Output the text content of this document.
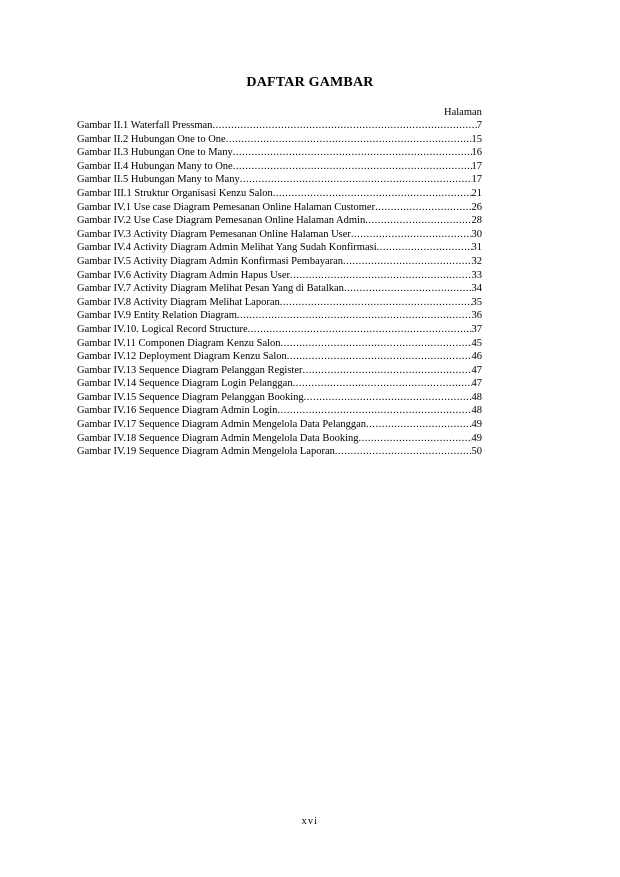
DAFTAR GAMBAR
Halaman
Gambar II.1 Waterfall Pressman .....	7
Gambar II.2 Hubungan One to One .....	15
Gambar II.3 Hubungan One to Many .....	16
Gambar II.4 Hubungan Many to One .....	17
Gambar II.5 Hubungan Many to Many .....	17
Gambar III.1 Struktur Organisasi Kenzu Salon .....	21
Gambar IV.1 Use case Diagram Pemesanan Online Halaman Customer .....	26
Gambar IV.2 Use Case Diagram Pemesanan Online Halaman Admin .....	28
Gambar IV.3 Activity Diagram Pemesanan Online Halaman User .....	30
Gambar IV.4 Activity Diagram Admin Melihat Yang Sudah Konfirmasi .....	31
Gambar IV.5 Activity Diagram Admin Konfirmasi Pembayaran .....	32
Gambar IV.6 Activity Diagram Admin Hapus User .....	33
Gambar IV.7 Activity Diagram Melihat Pesan Yang di Batalkan .....	34
Gambar IV.8 Activity Diagram Melihat Laporan .....	35
Gambar IV.9 Entity Relation Diagram .....	36
Gambar IV.10. Logical Record Structure .....	37
Gambar IV.11 Componen Diagram Kenzu Salon .....	45
Gambar IV.12 Deployment Diagram Kenzu Salon .....	46
Gambar IV.13 Sequence Diagram Pelanggan Register .....	47
Gambar IV.14 Sequence Diagram Login Pelanggan .....	47
Gambar IV.15 Sequence Diagram Pelanggan Booking .....	48
Gambar IV.16 Sequence Diagram Admin Login .....	48
Gambar IV.17 Sequence Diagram Admin Mengelola Data Pelanggan .....	49
Gambar IV.18 Sequence Diagram Admin Mengelola Data Booking .....	49
Gambar IV.19 Sequence Diagram Admin Mengelola Laporan .....	50
xvi
